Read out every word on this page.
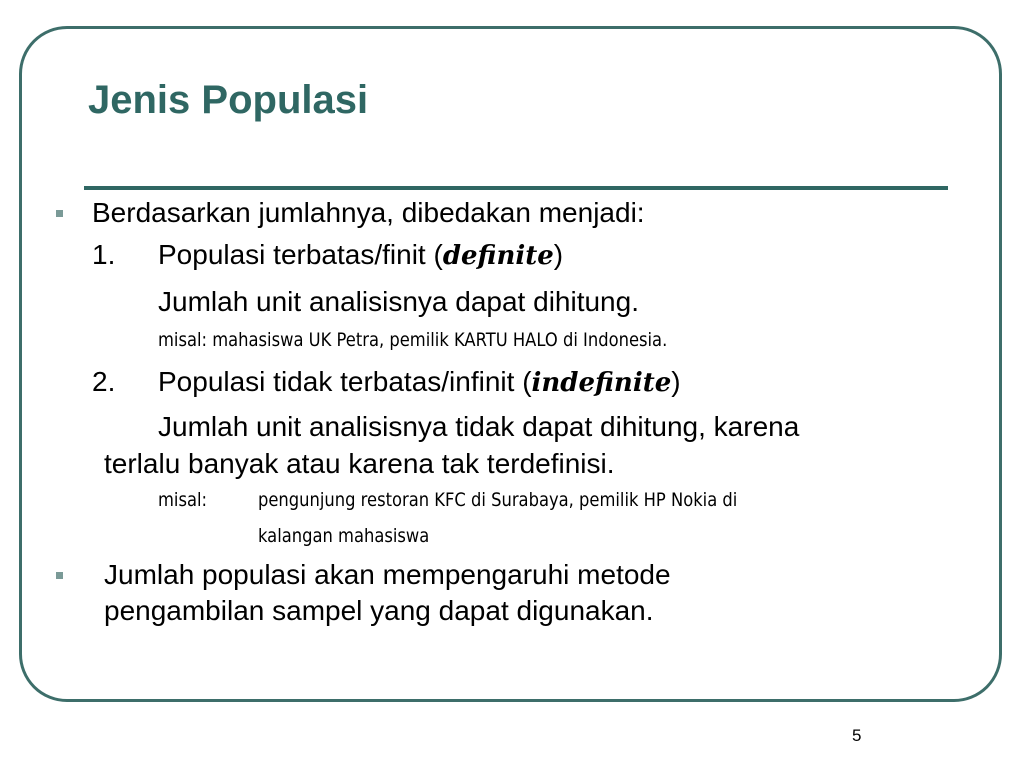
Jenis Populasi
Berdasarkan jumlahnya, dibedakan menjadi:
1. Populasi terbatas/finit (definite)
Jumlah unit analisisnya dapat dihitung.
misal: mahasiswa UK Petra, pemilik KARTU HALO di Indonesia.
2. Populasi tidak terbatas/infinit (indefinite)
Jumlah unit analisisnya tidak dapat dihitung, karena
terlalu banyak atau karena tak terdefinisi.
misal:	pengunjung restoran KFC di Surabaya, pemilik HP Nokia di
kalangan mahasiswa
Jumlah populasi akan mempengaruhi metode
pengambilan sampel yang dapat digunakan.
5
